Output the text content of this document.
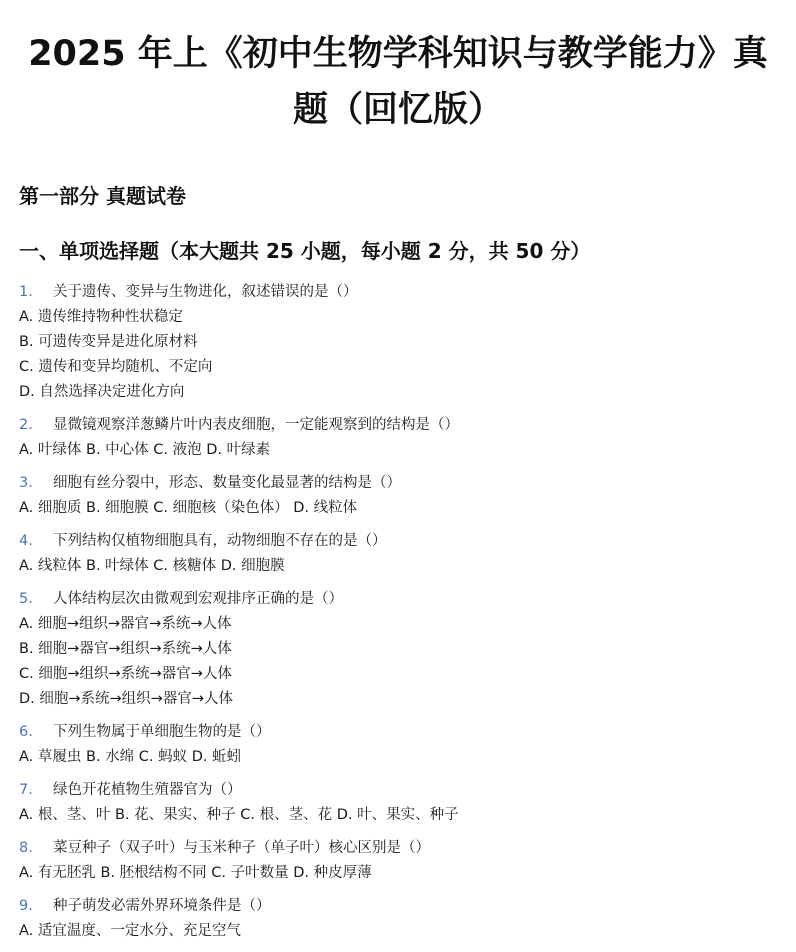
2025 年上《初中生物学科知识与教学能力》真
题（回忆版）
第一部分 真题试卷
一、单项选择题（本大题共 25 小题，每小题 2 分，共 50 分）
1.	关于遗传、变异与生物进化，叙述错误的是（）
A. 遗传维持物种性状稳定
B. 可遗传变异是进化原材料
C. 遗传和变异均随机、不定向
D. 自然选择决定进化方向
2.	显微镜观察洋葱鳞片叶内表皮细胞，一定能观察到的结构是（）
A. 叶绿体 B. 中心体 C. 液泡 D. 叶绿素
3.	细胞有丝分裂中，形态、数量变化最显著的结构是（）
A. 细胞质 B. 细胞膜 C. 细胞核（染色体） D. 线粒体
4.	下列结构仅植物细胞具有，动物细胞不存在的是（）
A. 线粒体 B. 叶绿体 C. 核糖体 D. 细胞膜
5.	人体结构层次由微观到宏观排序正确的是（）
A. 细胞→组织→器官→系统→人体
B. 细胞→器官→组织→系统→人体
C. 细胞→组织→系统→器官→人体
D. 细胞→系统→组织→器官→人体
6.	下列生物属于单细胞生物的是（）
A. 草履虫 B. 水绵 C. 蚂蚁 D. 蚯蚓
7.	绿色开花植物生殖器官为（）
A. 根、茎、叶 B. 花、果实、种子 C. 根、茎、花 D. 叶、果实、种子
8.	菜豆种子（双子叶）与玉米种子（单子叶）核心区别是（）
A. 有无胚乳 B. 胚根结构不同 C. 子叶数量 D. 种皮厚薄
9.	种子萌发必需外界环境条件是（）
A. 适宜温度、一定水分、充足空气
